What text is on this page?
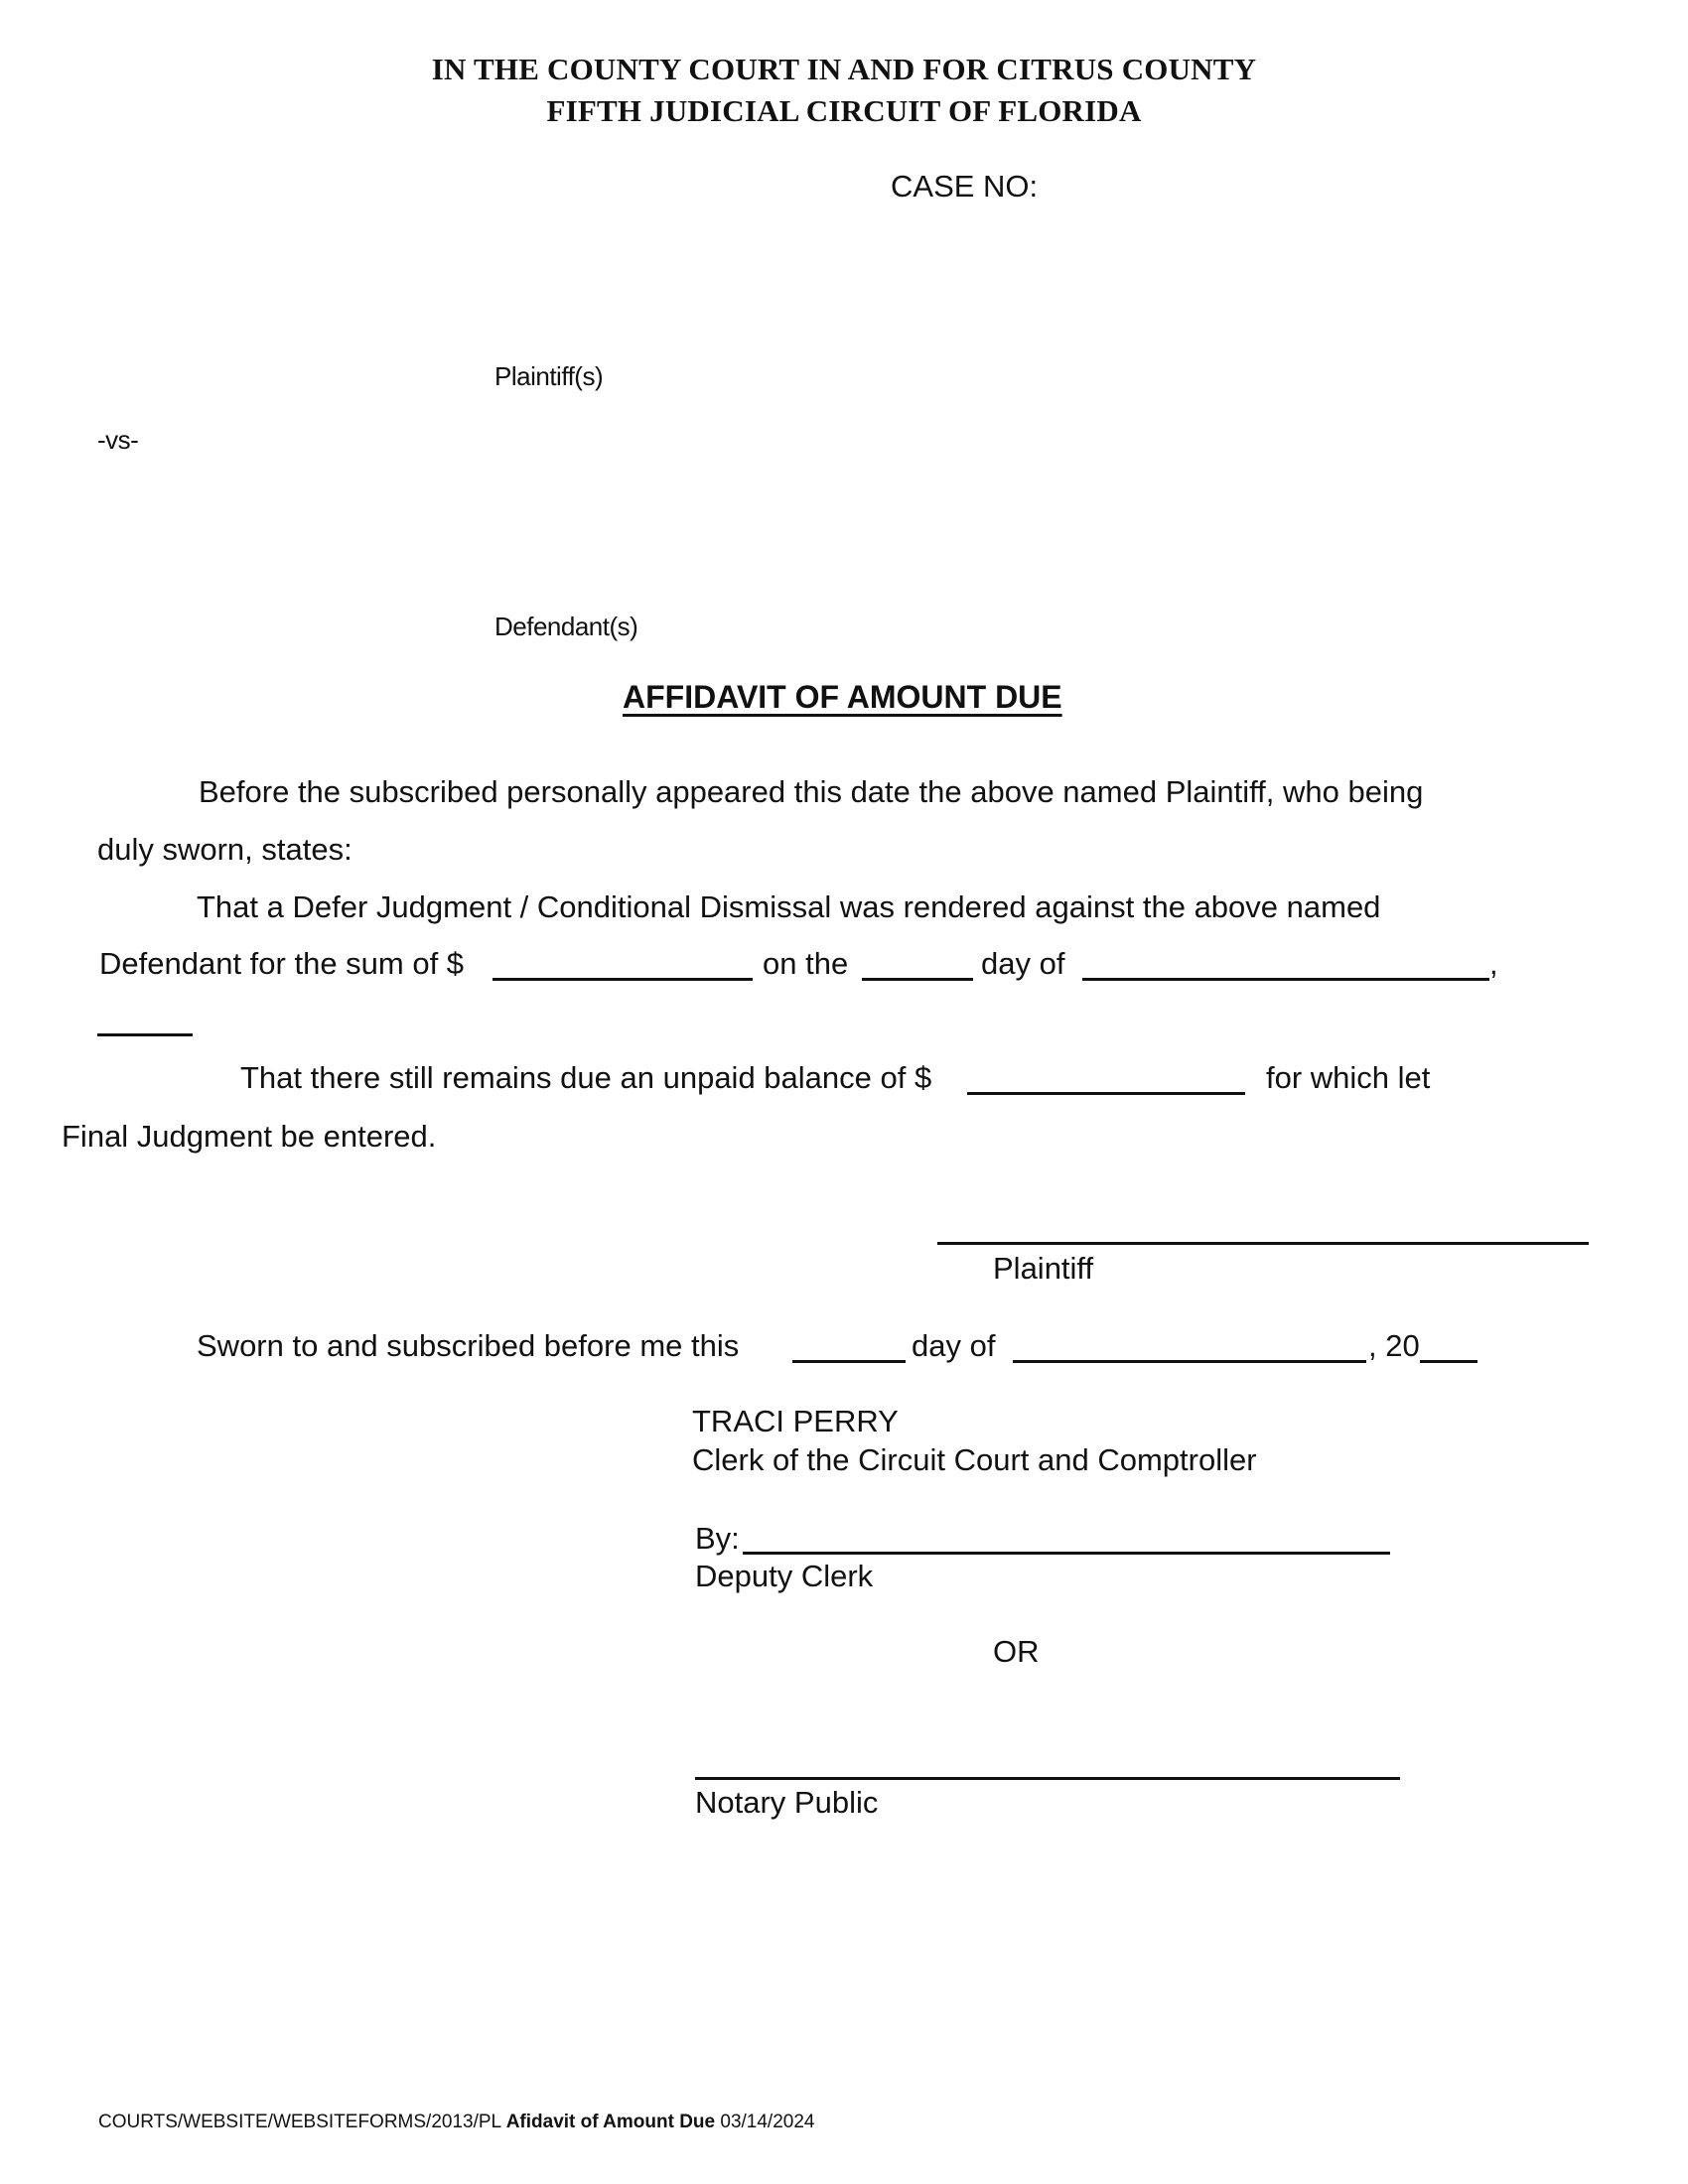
IN THE COUNTY COURT IN AND FOR CITRUS COUNTY
FIFTH JUDICIAL CIRCUIT OF FLORIDA
CASE NO:
Plaintiff(s)
-vs-
Defendant(s)
AFFIDAVIT OF AMOUNT DUE
Before the subscribed personally appeared this date the above named Plaintiff, who being
duly sworn, states:
That a Defer Judgment / Conditional Dismissal was rendered against the above named
Defendant for the sum of $	on the	day of	,
That there still remains due an unpaid balance of $	for which let
Final Judgment be entered.
Plaintiff
Sworn to and subscribed before me this	day of	, 20
TRACI PERRY
Clerk of the Circuit Court and Comptroller
By:
Deputy Clerk
OR
Notary Public
COURTS/WEBSITE/WEBSITEFORMS/2013/PL Afidavit of Amount Due 03/14/2024
